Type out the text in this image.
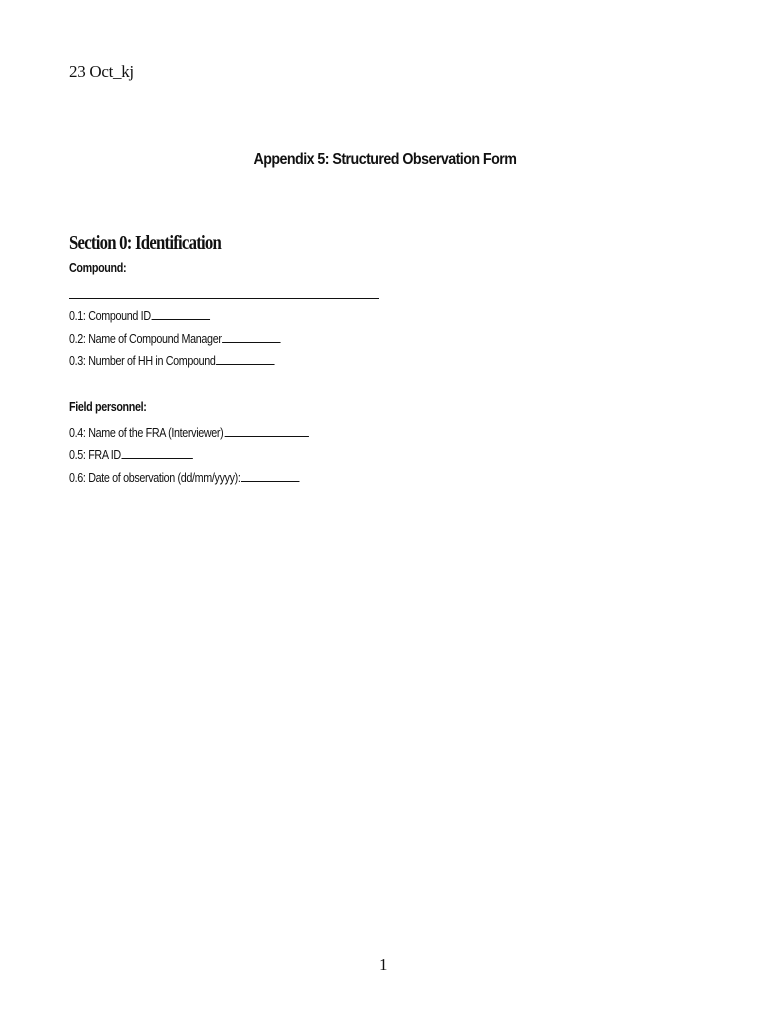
23 Oct_kj
Appendix 5: Structured Observation Form
Section 0: Identification
Compound:
0.1: Compound ID
0.2: Name of Compound Manager
0.3: Number of HH in Compound
Field personnel:
0.4: Name of the FRA (Interviewer)
0.5: FRA ID
0.6: Date of observation (dd/mm/yyyy):
1
